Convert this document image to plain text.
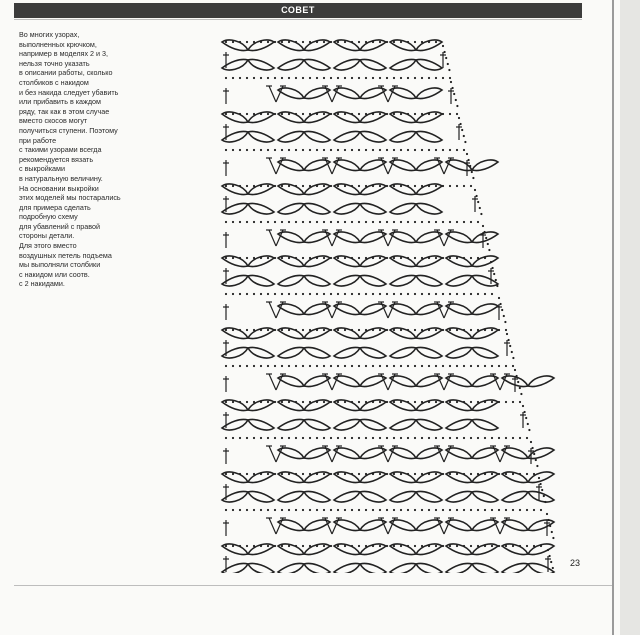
СОВЕТ
Во многих узорах,
выполненных крючком,
например в моделях 2 и 3,
нельзя точно указать
в описании работы, сколько
столбиков с накидом
и без накида следует убавить
или прибавить в каждом
ряду, так как в этом случае
вместо скосов могут
получиться ступени. Поэтому
при работе
с такими узорами всегда
рекомендуется вязать
с выкройками
в натуральную величину.
На основании выкройки
этих моделей мы постарались
для примера сделать
подробную схему
для убавлений с правой
стороны детали.
Для этого вместо
воздушных петель подъема
мы выполняли столбики
с накидом или соотв.
с 2 накидами.
23
